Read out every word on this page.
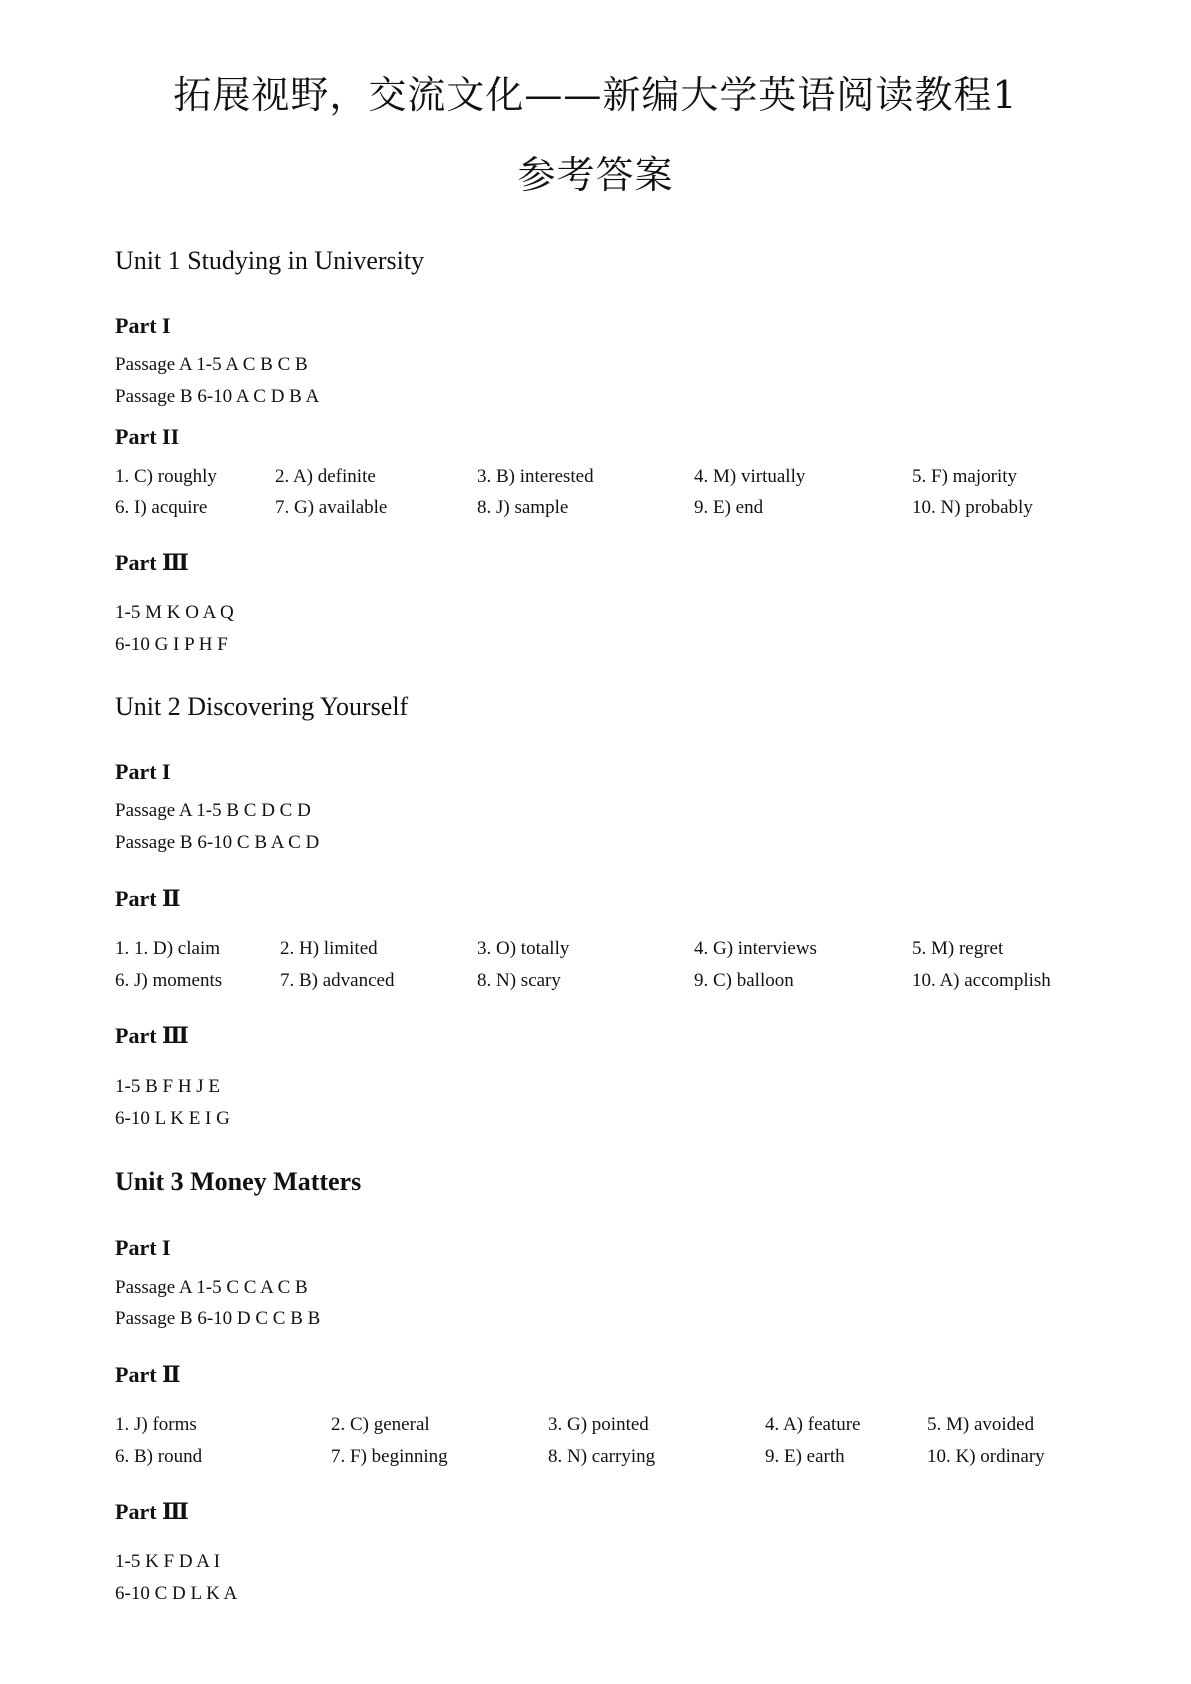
拓展视野，交流文化——新编大学英语阅读教程1
参考答案
Unit 1 Studying in University
Part I
Passage A 1-5 A C B C B
Passage B 6-10 A C D B A
Part II
1. C) roughly	2. A) definite	3. B) interested	4. M) virtually	5. F) majority
6. I) acquire	7. G) available	8. J) sample	9. E) end	10. N) probably
Part Ⅲ
1-5 M K O A Q
6-10 G I P H F
Unit 2 Discovering Yourself
Part I
Passage A 1-5 B C D C D
Passage B 6-10 C B A C D
Part Ⅱ
1. 1. D) claim	2. H) limited	3. O) totally	4. G) interviews	5. M) regret
6. J) moments	7. B) advanced	8. N) scary	9. C) balloon	10. A) accomplish
Part Ⅲ
1-5 B F H J E
6-10 L K E I G
Unit 3 Money Matters
Part I
Passage A 1-5 C C A C B
Passage B 6-10 D C C B B
Part Ⅱ
1. J) forms	2. C) general	3. G) pointed	4. A) feature	5. M) avoided
6. B) round	7. F) beginning	8. N) carrying	9. E) earth	10. K) ordinary
Part Ⅲ
1-5 K F D A I
6-10 C D L K A
